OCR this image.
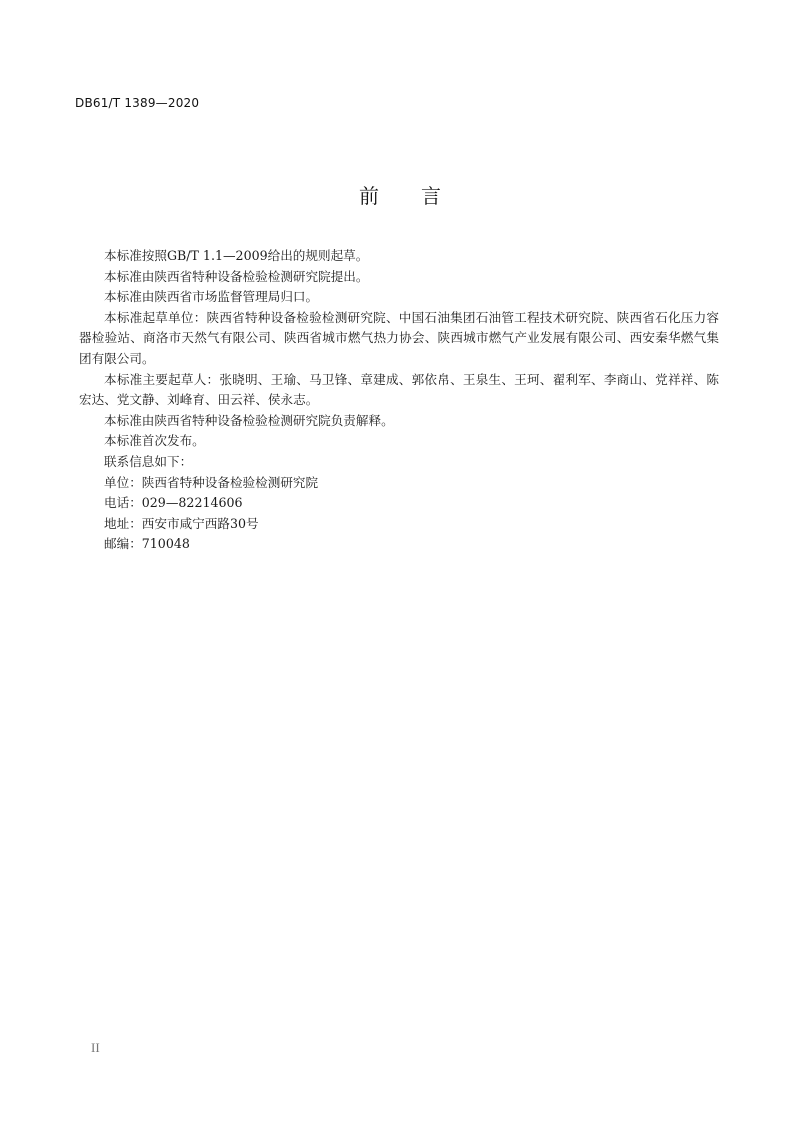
DB61/T 1389—2020
前 言

本标准按照GB/T 1.1—2009给出的规则起草。

本标准由陕西省特种设备检验检测研究院提出。

本标准由陕西省市场监督管理局归口。

本标准起草单位：陕西省特种设备检验检测研究院、中国石油集团石油管工程技术研究院、陕西省石化压力容器检验站、商洛市天然气有限公司、陕西省城市燃气热力协会、陕西城市燃气产业发展有限公司、西安秦华燃气集团有限公司。

本标准主要起草人：张晓明、王瑜、马卫锋、章建成、郭依帛、王泉生、王珂、翟利军、李商山、党祥祥、陈宏达、党文静、刘峰育、田云祥、侯永志。

本标准由陕西省特种设备检验检测研究院负责解释。

本标准首次发布。

联系信息如下：

单位：陕西省特种设备检验检测研究院

电话：029—82214606

地址：西安市咸宁西路30号

邮编：710048

II
